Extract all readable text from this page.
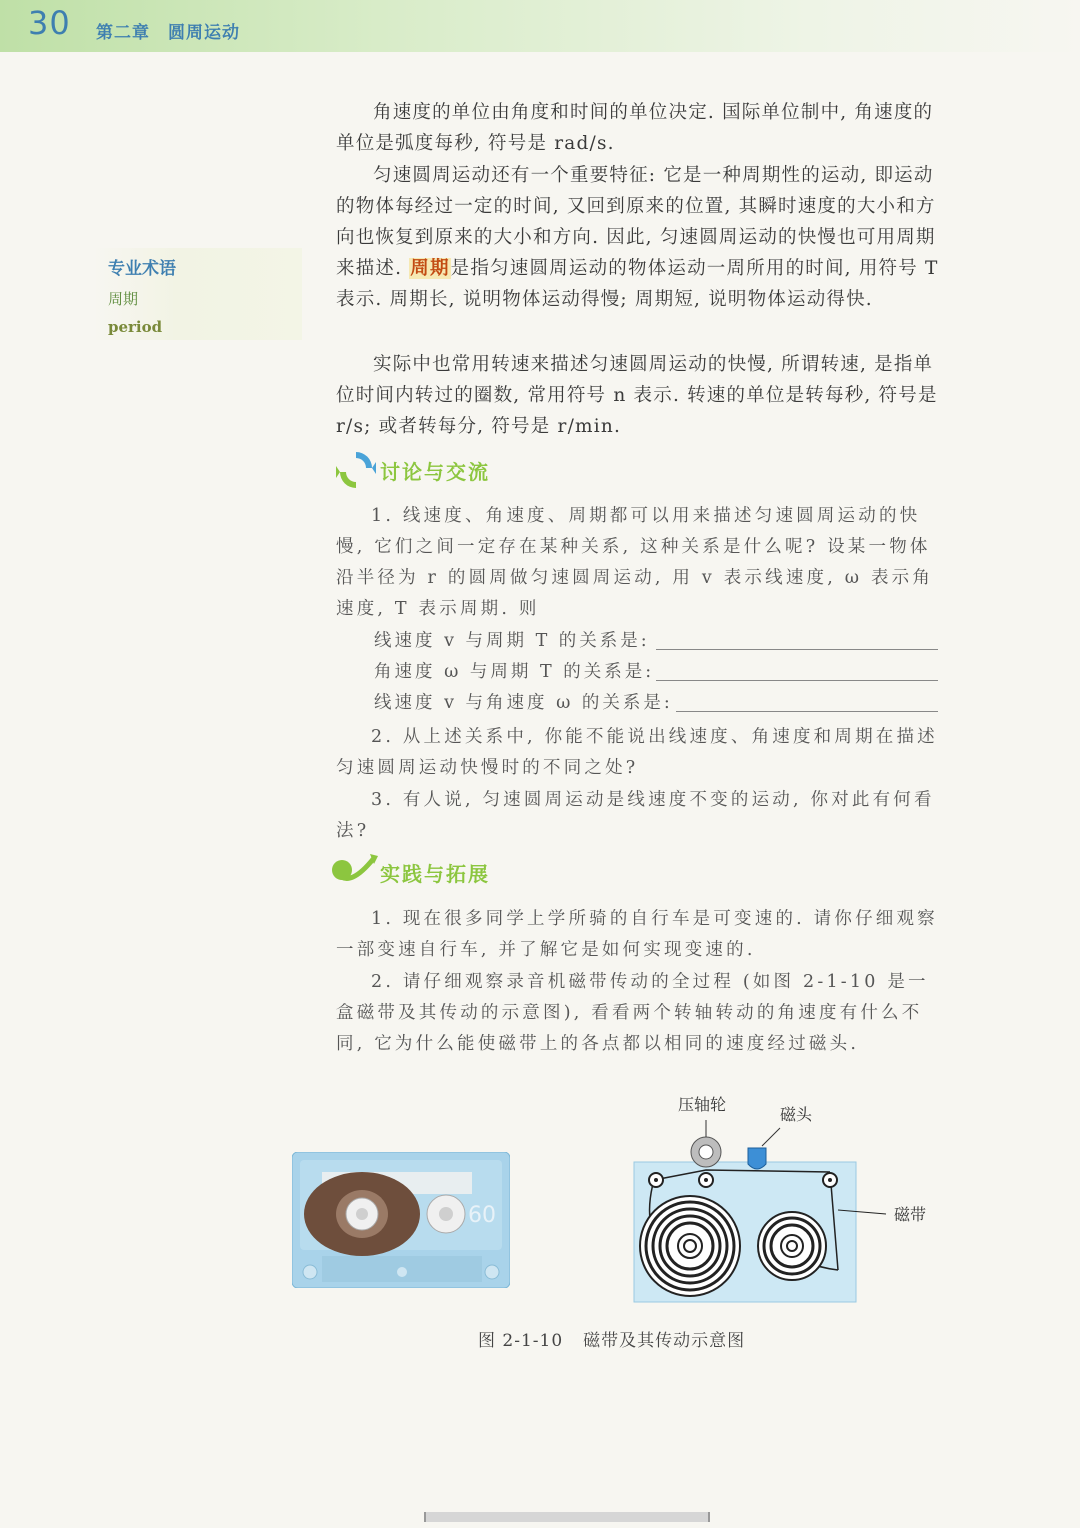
30 第二章 圆周运动
专业术语
周期
period

角速度的单位由角度和时间的单位决定. 国际单位制中, 角速度的单位是弧度每秒, 符号是 rad/s.

匀速圆周运动还有一个重要特征: 它是一种周期性的运动, 即运动的物体每经过一定的时间, 又回到原来的位置, 其瞬时速度的大小和方向也恢复到原来的大小和方向. 因此, 匀速圆周运动的快慢也可用周期来描述. 周期是指匀速圆周运动的物体运动一周所用的时间, 用符号 T 表示. 周期长, 说明物体运动得慢; 周期短, 说明物体运动得快.

实际中也常用转速来描述匀速圆周运动的快慢, 所谓转速, 是指单位时间内转过的圈数, 常用符号 n 表示. 转速的单位是转每秒, 符号是 r/s; 或者转每分, 符号是 r/min.

讨论与交流

1. 线速度、角速度、周期都可以用来描述匀速圆周运动的快慢, 它们之间一定存在某种关系, 这种关系是什么呢? 设某一物体沿半径为 r 的圆周做匀速圆周运动, 用 v 表示线速度, ω 表示角速度, T 表示周期. 则

线速度 v 与周期 T 的关系是:
角速度 ω 与周期 T 的关系是:
线速度 v 与角速度 ω 的关系是:

2. 从上述关系中, 你能不能说出线速度、角速度和周期在描述匀速圆周运动快慢时的不同之处?

3. 有人说, 匀速圆周运动是线速度不变的运动, 你对此有何看法?

实践与拓展

1. 现在很多同学上学所骑的自行车是可变速的. 请你仔细观察一部变速自行车, 并了解它是如何实现变速的.

2. 请仔细观察录音机磁带传动的全过程 (如图 2-1-10 是一盒磁带及其传动的示意图), 看看两个转轴转动的角速度有什么不同, 它为什么能使磁带上的各点都以相同的速度经过磁头.

60
压轴轮
磁头
磁带
图 2-1-10 磁带及其传动示意图
